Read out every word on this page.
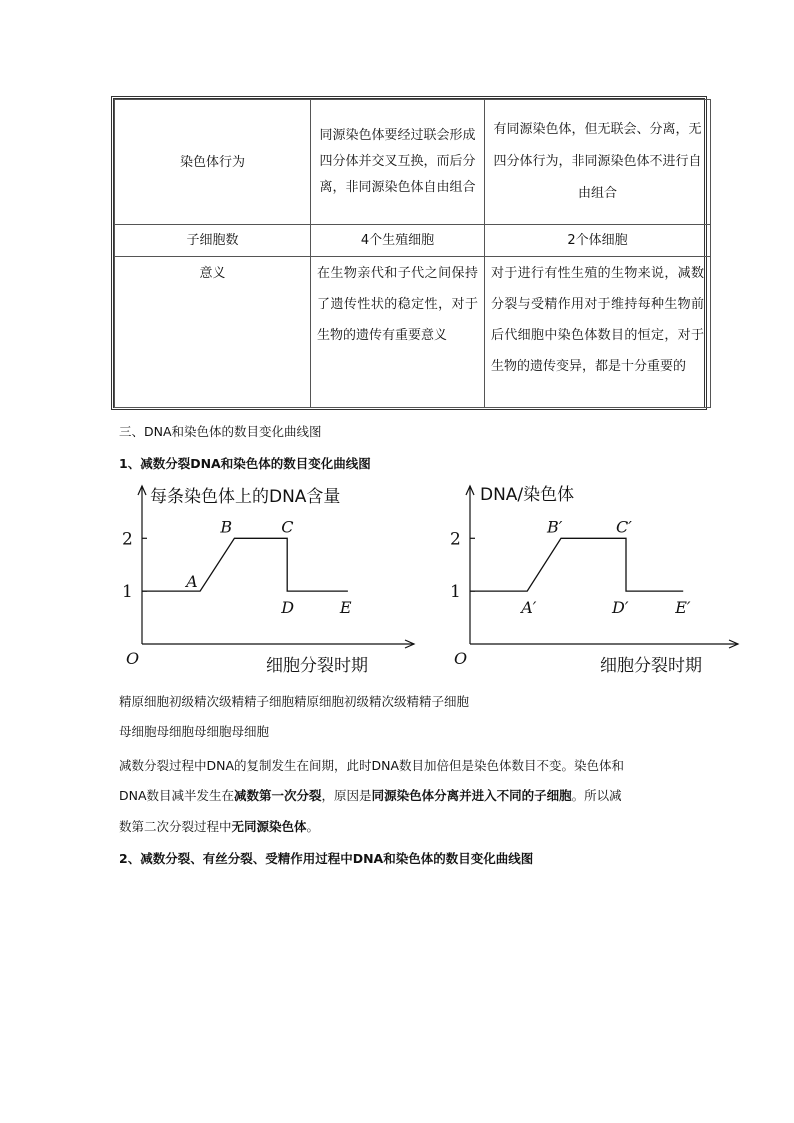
染色体行为	同源染色体要经过联会形成四分体并交叉互换，而后分离，非同源染色体自由组合	有同源染色体，但无联会、分离，无四分体行为，非同源染色体不进行自由组合
子细胞数	4个生殖细胞	2个体细胞
意义	在生物亲代和子代之间保持了遗传性状的稳定性，对于生物的遗传有重要意义	对于进行有性生殖的生物来说，减数分裂与受精作用对于维持每种生物前后代细胞中染色体数目的恒定，对于生物的遗传变异，都是十分重要的
三、DNA和染色体的数目变化曲线图
1、减数分裂DNA和染色体的数目变化曲线图
每条染色体上的DNA含量
细胞分裂时期
O
1
2
A
B	C
D	E
DNA/染色体
细胞分裂时期
O
1
2
A′
B′	C′
D′	E′
精原细胞初级精次级精精子细胞精原细胞初级精次级精精子细胞
母细胞母细胞母细胞母细胞
减数分裂过程中DNA的复制发生在间期，此时DNA数目加倍但是染色体数目不变。染色体和
DNA数目减半发生在减数第一次分裂，原因是同源染色体分离并进入不同的子细胞。所以减
数第二次分裂过程中无同源染色体。
2、减数分裂、有丝分裂、受精作用过程中DNA和染色体的数目变化曲线图
